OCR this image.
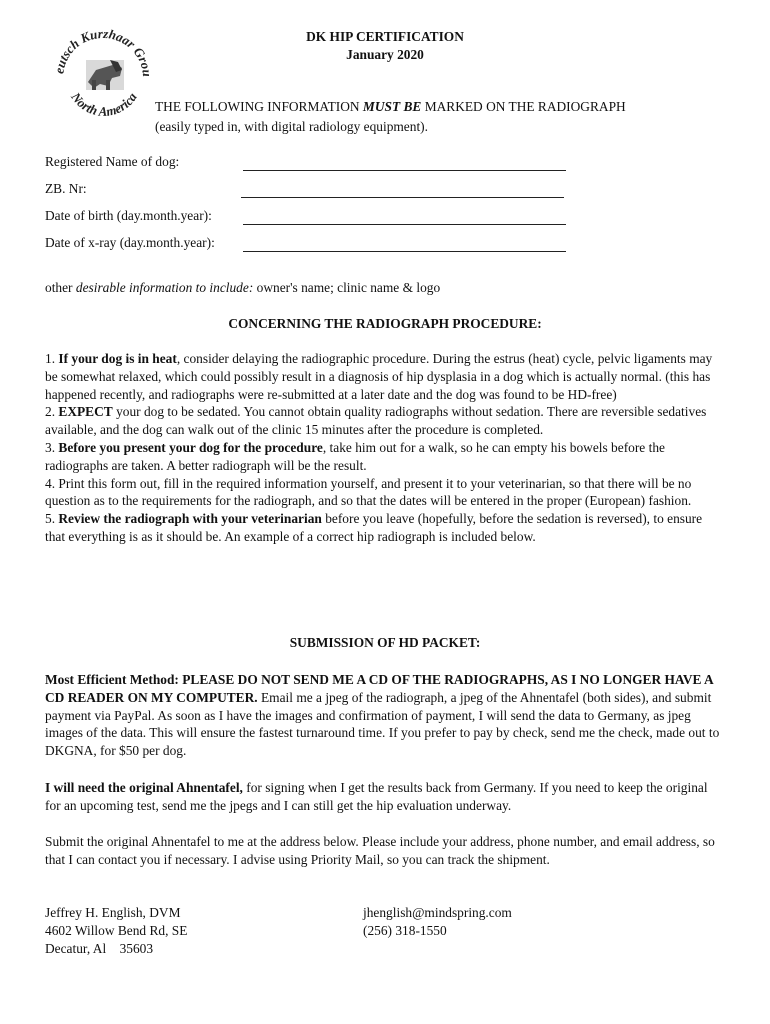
eutsch Kurzhaar Grou
North America
DK HIP CERTIFICATION
January 2020
THE FOLLOWING INFORMATION MUST BE MARKED ON THE RADIOGRAPH
(easily typed in, with digital radiology equipment).
Registered Name of dog:
ZB. Nr:
Date of birth (day.month.year):
Date of x-ray (day.month.year):
other desirable information to include: owner's name; clinic name & logo
CONCERNING THE RADIOGRAPH PROCEDURE:

1. If your dog is in heat, consider delaying the radiographic procedure. During the estrus (heat) cycle, pelvic ligaments may be somewhat relaxed, which could possibly result in a diagnosis of hip dysplasia in a dog which is actually normal. (this has happened recently, and radiographs were re-submitted at a later date and the dog was found to be HD-free)

2. EXPECT your dog to be sedated. You cannot obtain quality radiographs without sedation. There are reversible sedatives available, and the dog can walk out of the clinic 15 minutes after the procedure is completed.

3. Before you present your dog for the procedure, take him out for a walk, so he can empty his bowels before the radiographs are taken. A better radiograph will be the result.

4. Print this form out, fill in the required information yourself, and present it to your veterinarian, so that there will be no question as to the requirements for the radiograph, and so that the dates will be entered in the proper (European) fashion.

5. Review the radiograph with your veterinarian before you leave (hopefully, before the sedation is reversed), to ensure that everything is as it should be. An example of a correct hip radiograph is included below.

SUBMISSION OF HD PACKET:

Most Efficient Method: PLEASE DO NOT SEND ME A CD OF THE RADIOGRAPHS, AS I NO LONGER HAVE A CD READER ON MY COMPUTER. Email me a jpeg of the radiograph, a jpeg of the Ahnentafel (both sides), and submit payment via PayPal. As soon as I have the images and confirmation of payment, I will send the data to Germany, as jpeg images of the data. This will ensure the fastest turnaround time. If you prefer to pay by check, send me the check, made out to DKGNA, for $50 per dog.

I will need the original Ahnentafel, for signing when I get the results back from Germany. If you need to keep the original for an upcoming test, send me the jpegs and I can still get the hip evaluation underway.

Submit the original Ahnentafel to me at the address below. Please include your address, phone number, and email address, so that I can contact you if necessary. I advise using Priority Mail, so you can track the shipment.

Jeffrey H. English, DVM
4602 Willow Bend Rd, SE
Decatur, Al    35603
jhenglish@mindspring.com
(256) 318-1550
